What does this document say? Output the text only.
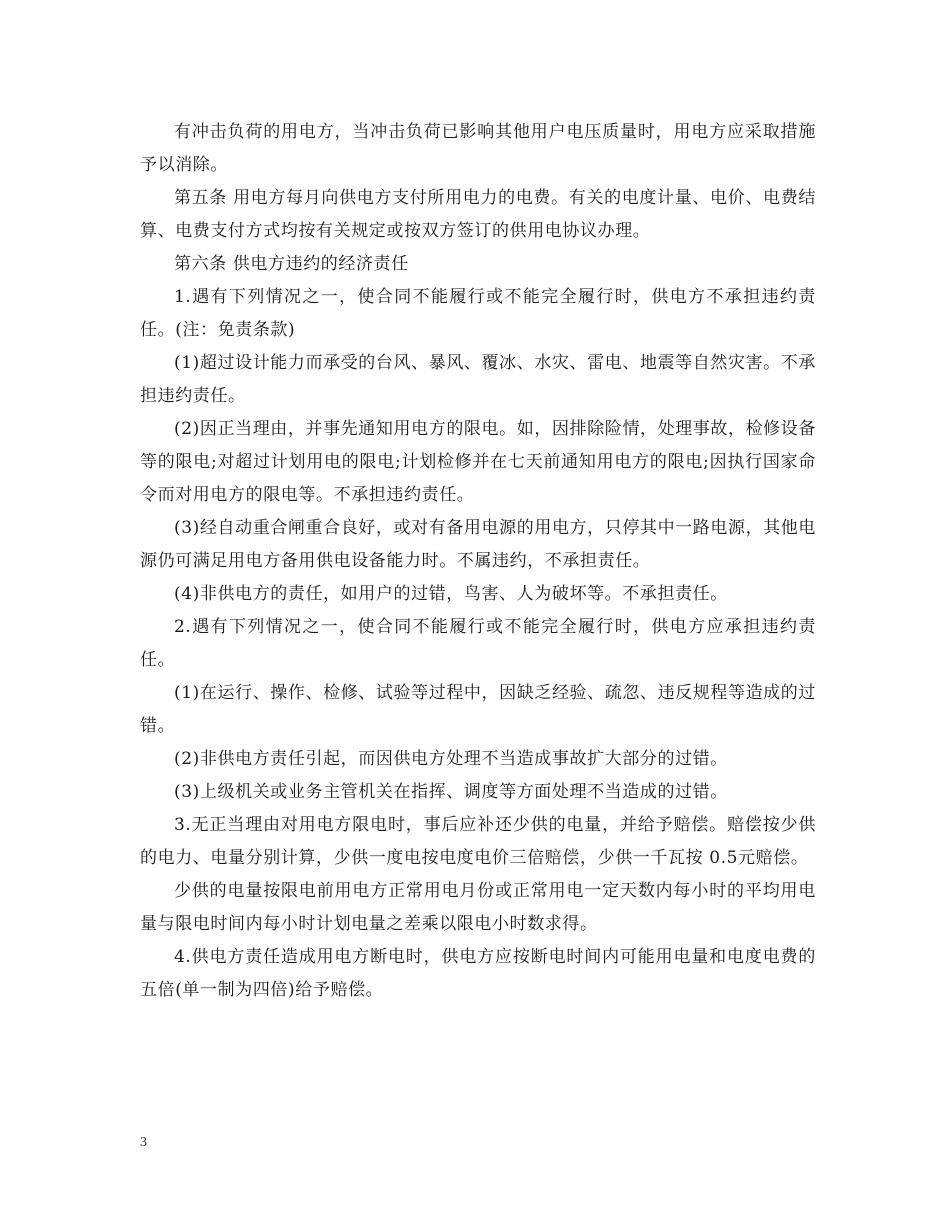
有冲击负荷的用电方，当冲击负荷已影响其他用户电压质量时，用电方应采取措施予以消除。

第五条 用电方每月向供电方支付所用电力的电费。有关的电度计量、电价、电费结算、电费支付方式均按有关规定或按双方签订的供用电协议办理。

第六条 供电方违约的经济责任

1.遇有下列情况之一，使合同不能履行或不能完全履行时，供电方不承担违约责任。(注：免责条款)

(1)超过设计能力而承受的台风、暴风、覆冰、水灾、雷电、地震等自然灾害。不承担违约责任。

(2)因正当理由，并事先通知用电方的限电。如，因排除险情，处理事故，检修设备等的限电;对超过计划用电的限电;计划检修并在七天前通知用电方的限电;因执行国家命令而对用电方的限电等。不承担违约责任。

(3)经自动重合闸重合良好，或对有备用电源的用电方，只停其中一路电源，其他电源仍可满足用电方备用供电设备能力时。不属违约，不承担责任。

(4)非供电方的责任，如用户的过错，鸟害、人为破坏等。不承担责任。

2.遇有下列情况之一，使合同不能履行或不能完全履行时，供电方应承担违约责任。

(1)在运行、操作、检修、试验等过程中，因缺乏经验、疏忽、违反规程等造成的过错。

(2)非供电方责任引起，而因供电方处理不当造成事故扩大部分的过错。

(3)上级机关或业务主管机关在指挥、调度等方面处理不当造成的过错。

3.无正当理由对用电方限电时，事后应补还少供的电量，并给予赔偿。赔偿按少供的电力、电量分别计算，少供一度电按电度电价三倍赔偿，少供一千瓦按 0.5元赔偿。

少供的电量按限电前用电方正常用电月份或正常用电一定天数内每小时的平均用电量与限电时间内每小时计划电量之差乘以限电小时数求得。

4.供电方责任造成用电方断电时，供电方应按断电时间内可能用电量和电度电费的五倍(单一制为四倍)给予赔偿。

3
